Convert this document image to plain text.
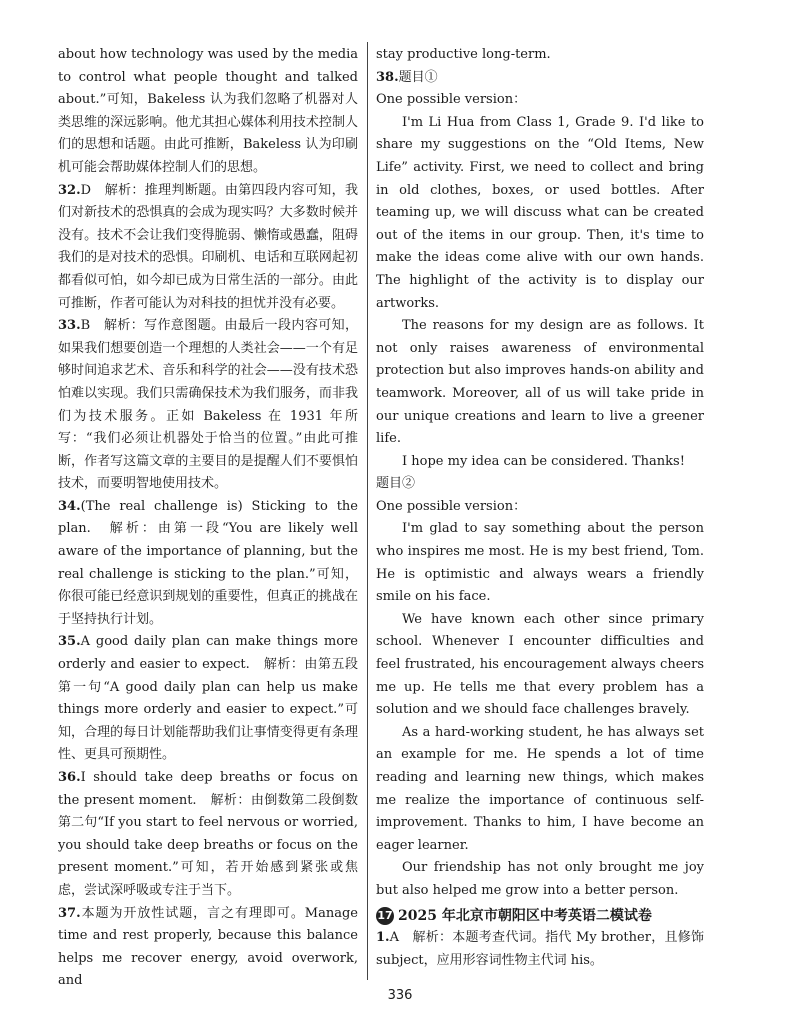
about how technology was used by the media to control what people thought and talked about.”可知，Bakeless 认为我们忽略了机器对人类思维的深远影响。他尤其担心媒体利用技术控制人们的思想和话题。由此可推断，Bakeless 认为印刷机可能会帮助媒体控制人们的思想。

32.D　解析：推理判断题。由第四段内容可知，我们对新技术的恐惧真的会成为现实吗？大多数时候并没有。技术不会让我们变得脆弱、懒惰或愚蠢，阻碍我们的是对技术的恐惧。印刷机、电话和互联网起初都看似可怕，如今却已成为日常生活的一部分。由此可推断，作者可能认为对科技的担忧并没有必要。
33.B　解析：写作意图题。由最后一段内容可知，如果我们想要创造一个理想的人类社会——一个有足够时间追求艺术、音乐和科学的社会——没有技术恐怕难以实现。我们只需确保技术为我们服务，而非我们为技术服务。正如 Bakeless 在 1931 年所写：“我们必须让机器处于恰当的位置。”由此可推断，作者写这篇文章的主要目的是提醒人们不要惧怕技术，而要明智地使用技术。
34.(The real challenge is) Sticking to the plan.　解析：由第一段“You are likely well aware of the importance of planning, but the real challenge is sticking to the plan.”可知，你很可能已经意识到规划的重要性，但真正的挑战在于坚持执行计划。
35.A good daily plan can make things more orderly and easier to expect.　解析：由第五段第一句“A good daily plan can help us make things more orderly and easier to expect.”可知，合理的每日计划能帮助我们让事情变得更有条理性、更具可预期性。
36.I should take deep breaths or focus on the present moment.　解析：由倒数第二段倒数第二句“If you start to feel nervous or worried, you should take deep breaths or focus on the present moment.”可知，若开始感到紧张或焦虑，尝试深呼吸或专注于当下。
37.本题为开放性试题，言之有理即可。Manage time and rest properly, because this balance helps me recover energy, avoid overwork, and

stay productive long-term.

38.题目①

One possible version：

I'm Li Hua from Class 1, Grade 9. I'd like to share my suggestions on the “Old Items, New Life” activity. First, we need to collect and bring in old clothes, boxes, or used bottles. After teaming up, we will discuss what can be created out of the items in our group. Then, it's time to make the ideas come alive with our own hands. The highlight of the activity is to display our artworks.

The reasons for my design are as follows. It not only raises awareness of environmental protection but also improves hands-on ability and teamwork. Moreover, all of us will take pride in our unique creations and learn to live a greener life.

I hope my idea can be considered. Thanks!

题目②

One possible version：

I'm glad to say something about the person who inspires me most. He is my best friend, Tom. He is optimistic and always wears a friendly smile on his face.

We have known each other since primary school. Whenever I encounter difficulties and feel frustrated, his encouragement always cheers me up. He tells me that every problem has a solution and we should face challenges bravely.

As a hard-working student, he has always set an example for me. He spends a lot of time reading and learning new things, which makes me realize the importance of continuous self-improvement. Thanks to him, I have become an eager learner.

Our friendship has not only brought me joy but also helped me grow into a better person.

17 2025 年北京市朝阳区中考英语二模试卷
1.A　解析：本题考查代词。指代 My brother，且修饰 subject，应用形容词性物主代词 his。
336
